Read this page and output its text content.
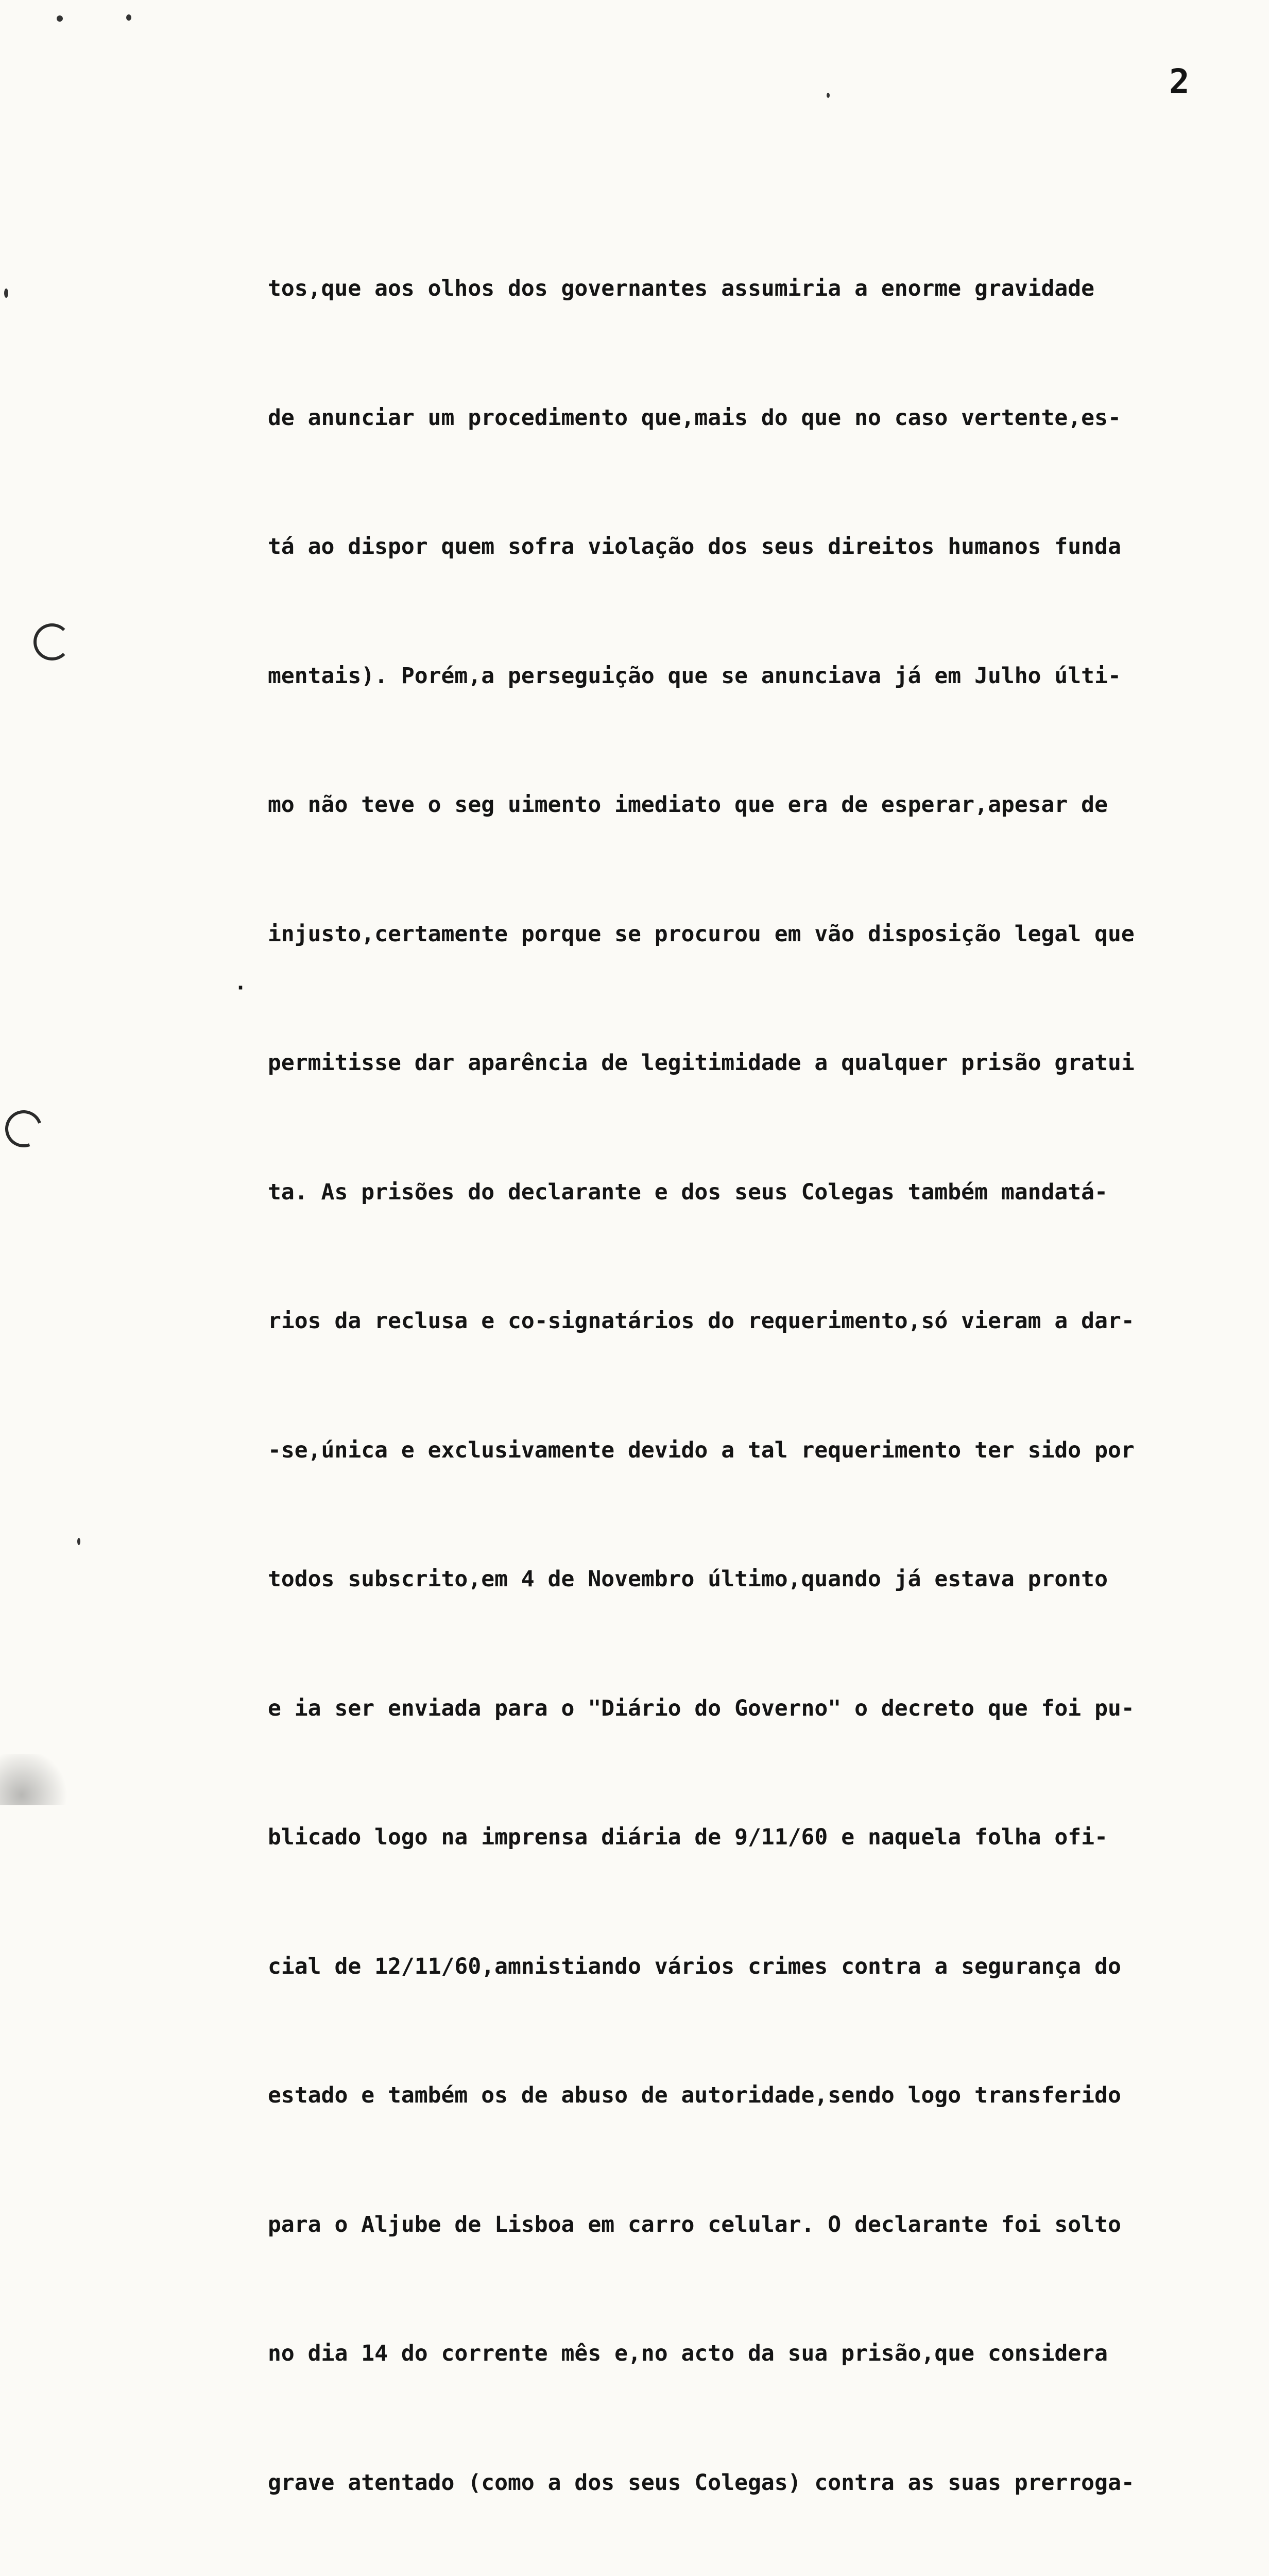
2

tos,que aos olhos dos governantes assumiria a enorme gravidade

de anunciar um procedimento que,mais do que no caso vertente,es-

tá ao dispor quem sofra violação dos seus direitos humanos funda

mentais). Porém,a perseguição que se anunciava já em Julho últi-

mo não teve o seg uimento imediato que era de esperar,apesar de

injusto,certamente porque se procurou em vão disposição legal que

permitisse dar aparência de legitimidade a qualquer prisão gratui

ta. As prisões do declarante e dos seus Colegas também mandatá-

rios da reclusa e co-signatários do requerimento,só vieram a dar-

-se,única e exclusivamente devido a tal requerimento ter sido por

todos subscrito,em 4 de Novembro último,quando já estava pronto

e ia ser enviada para o "Diário do Governo" o decreto que foi pu-

blicado logo na imprensa diária de 9/11/60 e naquela folha ofi-

cial de 12/11/60,amnistiando vários crimes contra a segurança do

estado e também os de abuso de autoridade,sendo logo transferido

para o Aljube de Lisboa em carro celular. O declarante foi solto

no dia 14 do corrente mês e,no acto da sua prisão,que considera

grave atentado (como a dos seus Colegas) contra as suas prerroga-

·
